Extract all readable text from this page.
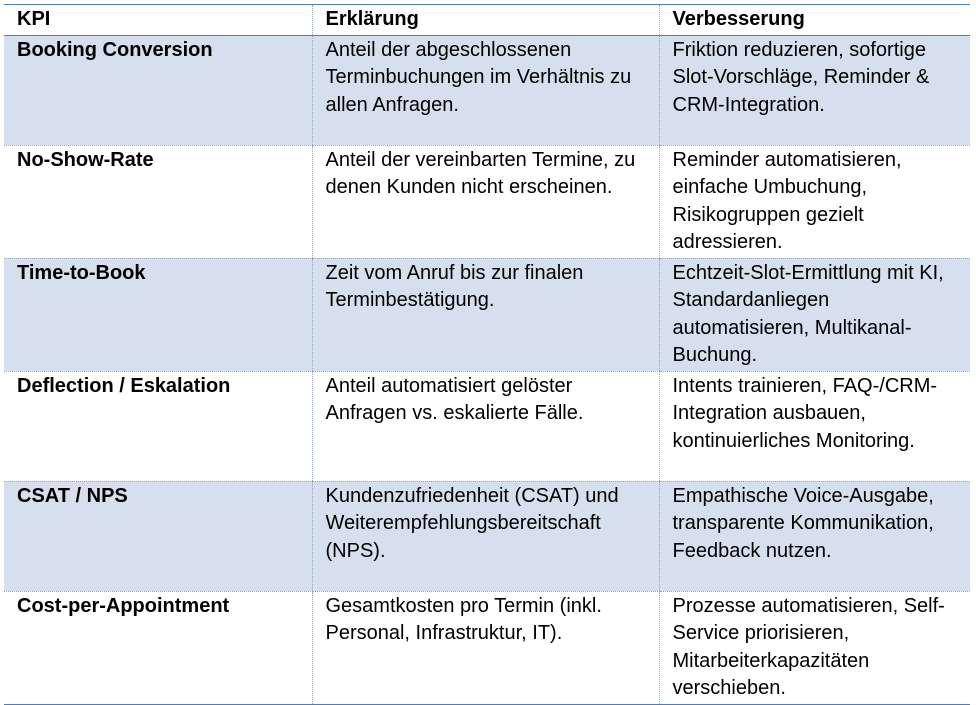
KPI	Erklärung	Verbesserung
Booking Conversion	Anteil der abgeschlossenen Terminbuchungen im Verhältnis zu allen Anfragen.	Friktion reduzieren, sofortige Slot-Vorschläge, Reminder & CRM-Integration.
No-Show-Rate	Anteil der vereinbarten Termine, zu denen Kunden nicht erscheinen.	Reminder automatisieren, einfache Umbuchung, Risikogruppen gezielt adressieren.
Time-to-Book	Zeit vom Anruf bis zur finalen Terminbestätigung.	Echtzeit-Slot-Ermittlung mit KI, Standardanliegen automatisieren, Multikanal-Buchung.
Deflection / Eskalation	Anteil automatisiert gelöster Anfragen vs. eskalierte Fälle.	Intents trainieren, FAQ-/CRM-Integration ausbauen, kontinuierliches Monitoring.
CSAT / NPS	Kundenzufriedenheit (CSAT) und Weiterempfehlungsbereitschaft (NPS).	Empathische Voice-Ausgabe, transparente Kommunikation, Feedback nutzen.
Cost-per-Appointment	Gesamtkosten pro Termin (inkl. Personal, Infrastruktur, IT).	Prozesse automatisieren, Self-Service priorisieren, Mitarbeiterkapazitäten verschieben.
